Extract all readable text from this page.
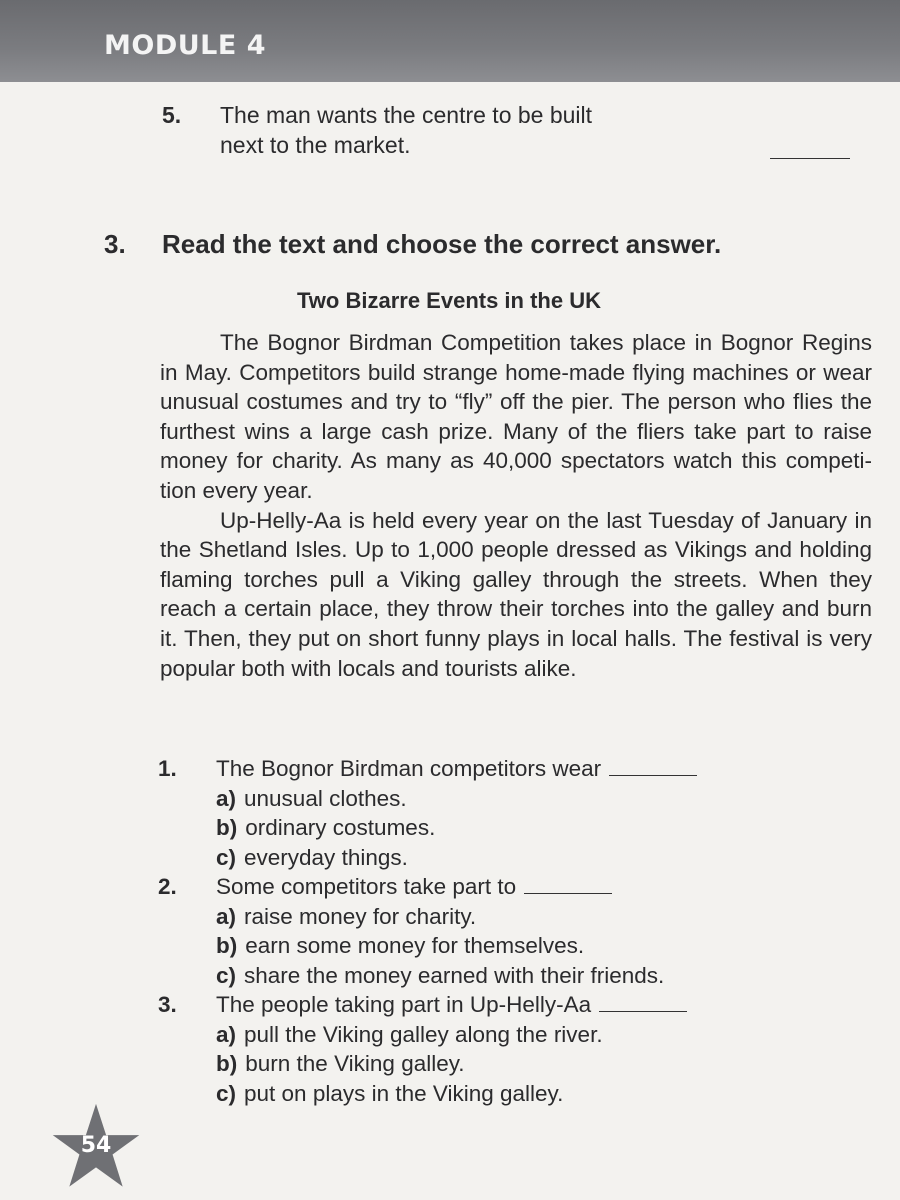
MODULE 4
5. The man wants the centre to be built next to the market.
3. Read the text and choose the correct answer.
Two Bizarre Events in the UK

The Bognor Birdman Competition takes place in Bognor Regins in May. Competitors build strange home-made flying machines or wear unusual costumes and try to “fly” off the pier. The person who flies the furthest wins a large cash prize. Many of the fliers take part to raise money for charity. As many as 40,000 spectators watch this competition every year.

Up-Helly-Aa is held every year on the last Tuesday of January in the Shetland Isles. Up to 1,000 people dressed as Vikings and holding flaming torches pull a Viking galley through the streets. When they reach a certain place, they throw their torches into the galley and burn it. Then, they put on short funny plays in local halls. The festival is very popular both with locals and tourists alike.

1. The Bognor Birdman competitors wear
a) unusual clothes.
b) ordinary costumes.
c) everyday things.
2. Some competitors take part to
a) raise money for charity.
b) earn some money for themselves.
c) share the money earned with their friends.
3. The people taking part in Up-Helly-Aa
a) pull the Viking galley along the river.
b) burn the Viking galley.
c) put on plays in the Viking galley.
54
